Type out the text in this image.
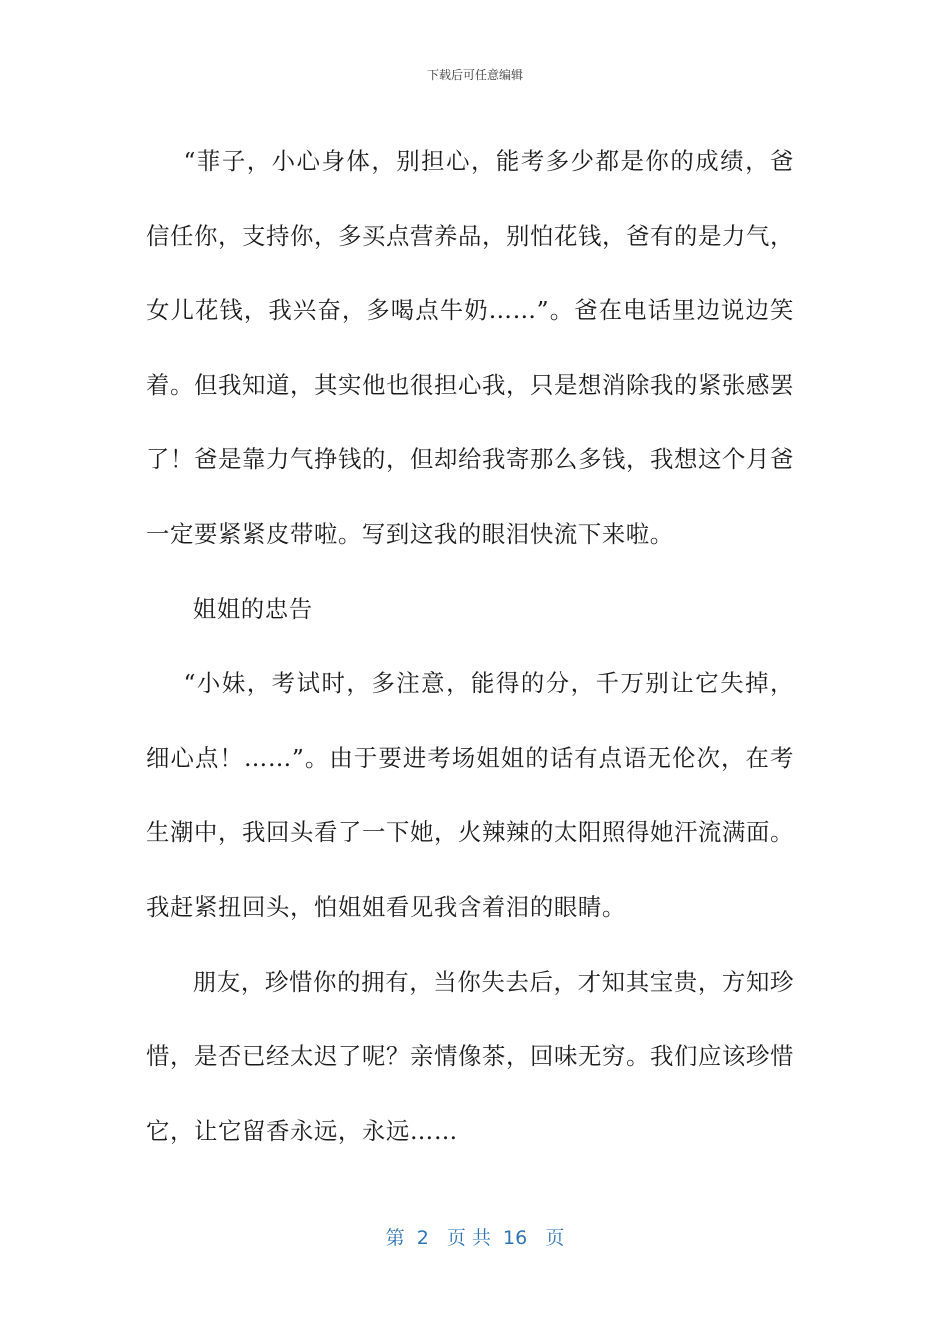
下载后可任意编辑

“菲子，小心身体，别担心，能考多少都是你的成绩，爸信任你，支持你，多买点营养品，别怕花钱，爸有的是力气，女儿花钱，我兴奋，多喝点牛奶……”。爸在电话里边说边笑着。但我知道，其实他也很担心我，只是想消除我的紧张感罢了！爸是靠力气挣钱的，但却给我寄那么多钱，我想这个月爸一定要紧紧皮带啦。写到这我的眼泪快流下来啦。

姐姐的忠告

“小妹，考试时，多注意，能得的分，千万别让它失掉，细心点！……”。由于要进考场姐姐的话有点语无伦次，在考生潮中，我回头看了一下她，火辣辣的太阳照得她汗流满面。我赶紧扭回头，怕姐姐看见我含着泪的眼睛。

朋友，珍惜你的拥有，当你失去后，才知其宝贵，方知珍惜，是否已经太迟了呢？亲情像茶，回味无穷。我们应该珍惜它，让它留香永远，永远……

第  2   页 共  16   页
